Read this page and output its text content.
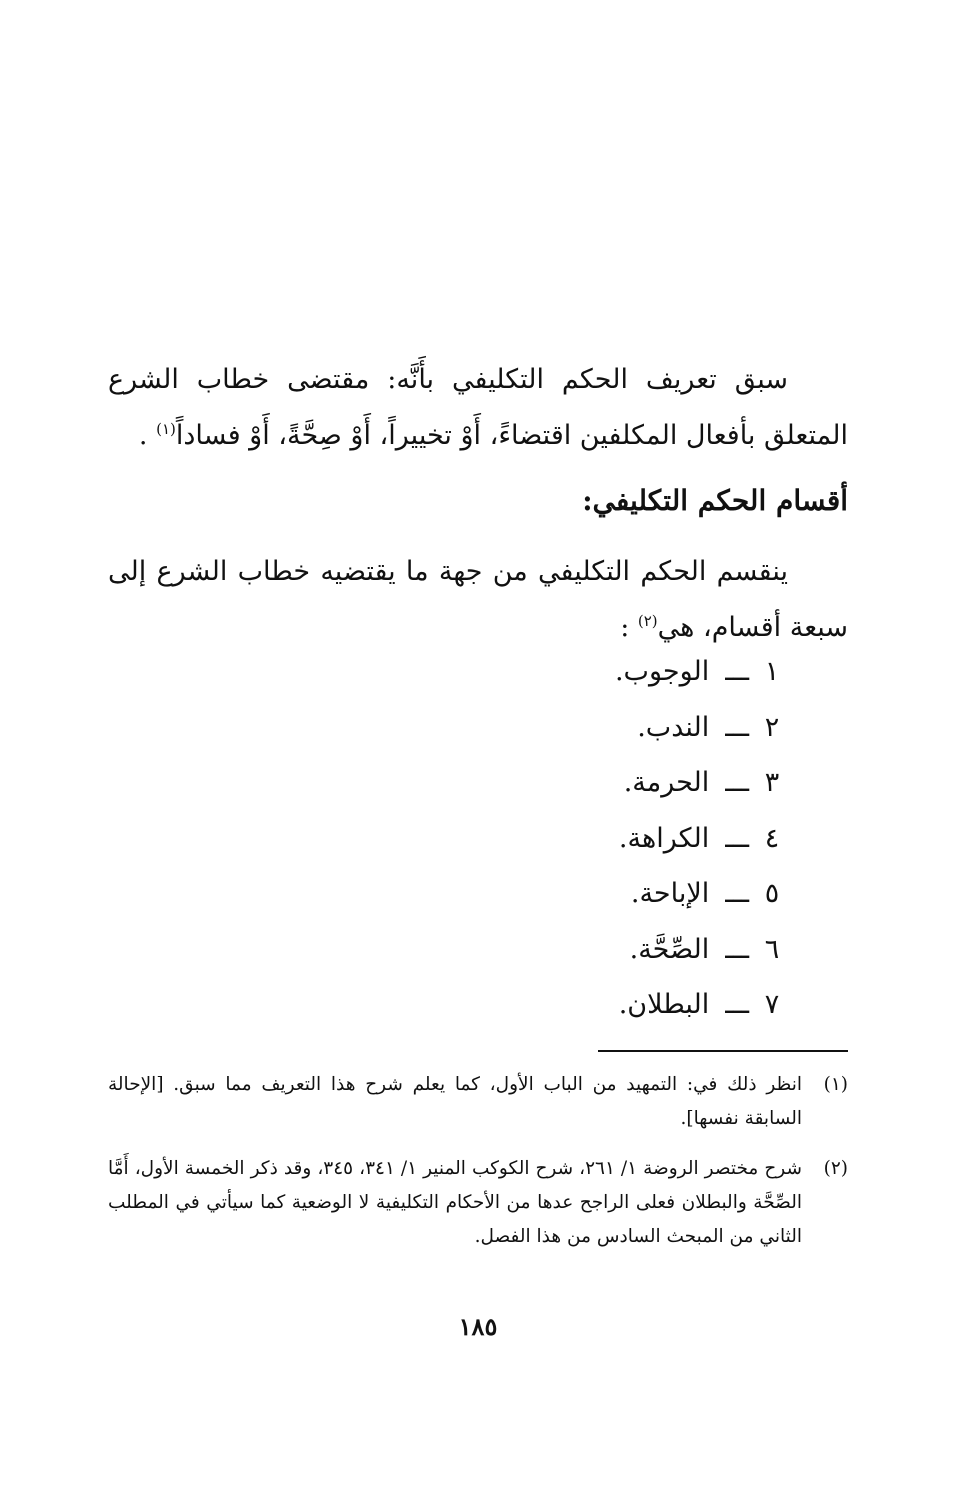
سبق تعريف الحكم التكليفي بأَنَّه: مقتضى خطاب الشرع المتعلق بأفعال المكلفين اقتضاءً، أَوْ تخييراً، أَوْ صِحَّةً، أَوْ فساداً$^{(١)}$ .

أقسام الحكم التكليفي:

ينقسم الحكم التكليفي من جهة ما يقتضيه خطاب الشرع إلى سبعة أقسام، هي$^{(٢)}$ :

١ـــالوجوب.
٢ـــالندب.
٣ـــالحرمة.
٤ـــالكراهة.
٥ـــالإباحة.
٦ـــالصِّحَّة.
٧ـــالبطلان.

(١)
انظر ذلك في: التمهيد من الباب الأول، كما يعلم شرح هذا التعريف مما سبق. [الإحالة السابقة نفسها].

(٢)
شرح مختصر الروضة ١/ ٢٦١، شرح الكوكب المنير ١/ ٣٤١، ٣٤٥، وقد ذكر الخمسة الأول، أَمَّا الصِّحَّة والبطلان فعلى الراجح عدها من الأحكام التكليفية لا الوضعية كما سيأتي في المطلب الثاني من المبحث السادس من هذا الفصل.

١٨٥
